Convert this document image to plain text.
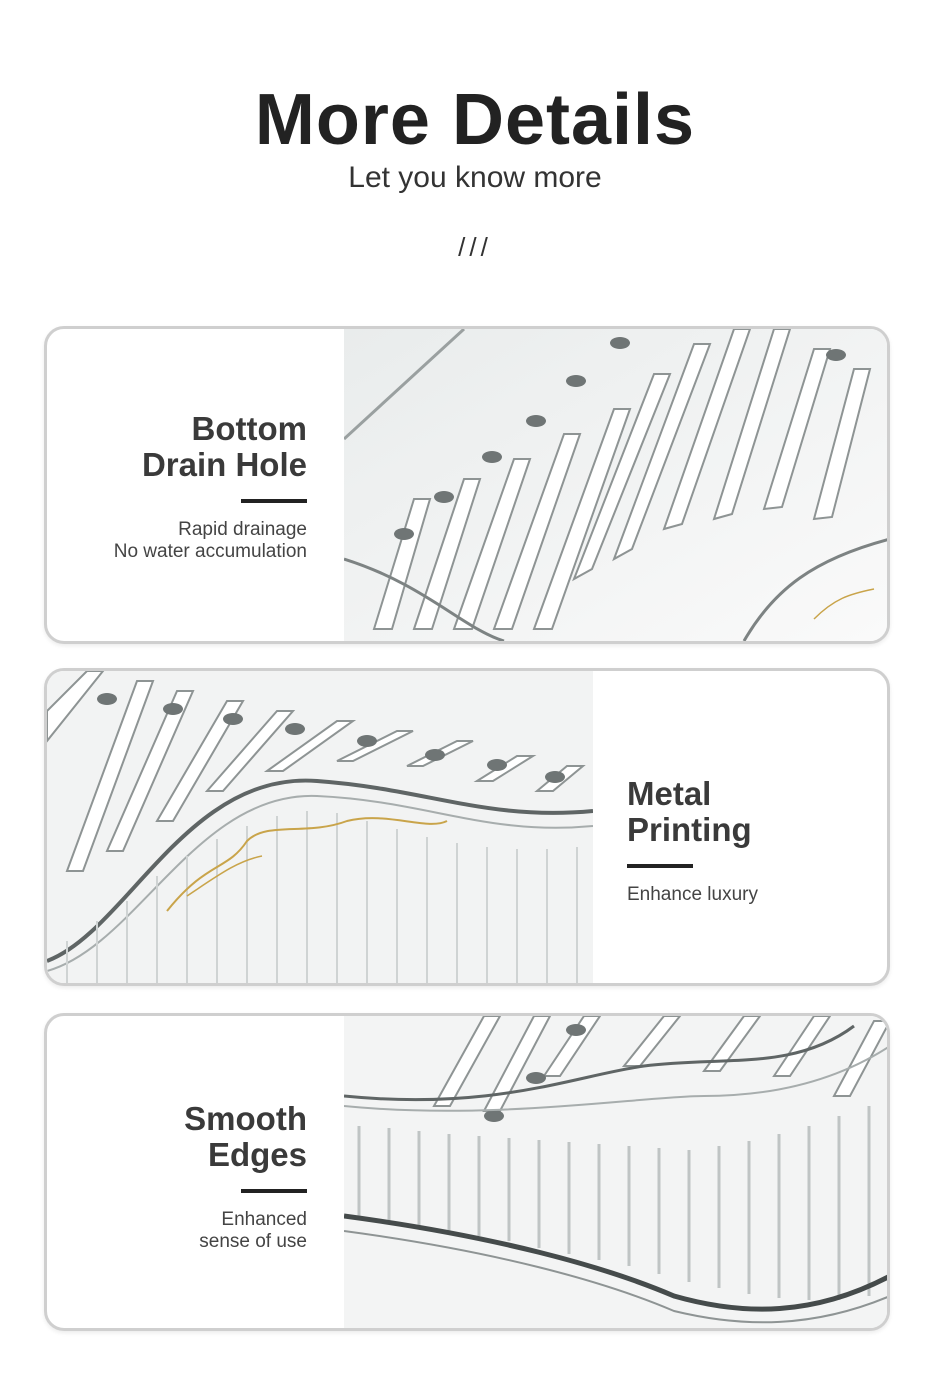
More Details
Let you know more
///
Bottom
Drain Hole
Rapid drainage
No water accumulation
Metal
Printing
Enhance luxury
Smooth
Edges
Enhanced
sense of use
